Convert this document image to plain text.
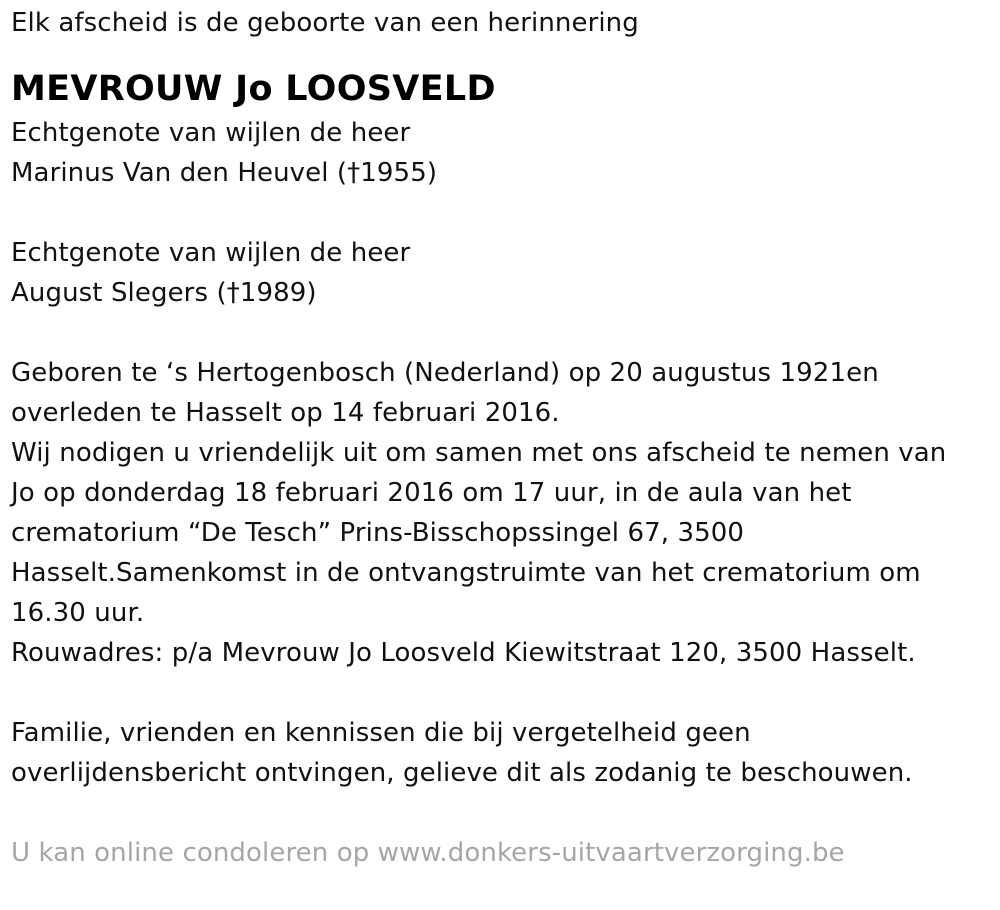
Elk afscheid is de geboorte van een herinnering
MEVROUW Jo LOOSVELD
Echtgenote van wijlen de heer
Marinus Van den Heuvel (†1955)
Echtgenote van wijlen de heer
August Slegers (†1989)
Geboren te ‘s Hertogenbosch (Nederland) op 20 augustus 1921en
overleden te Hasselt op 14 februari 2016.
Wij nodigen u vriendelijk uit om samen met ons afscheid te nemen van
Jo op donderdag 18 februari 2016 om 17 uur, in de aula van het
crematorium “De Tesch” Prins-Bisschopssingel 67, 3500
Hasselt.Samenkomst in de ontvangstruimte van het crematorium om
16.30 uur.
Rouwadres: p/a Mevrouw Jo Loosveld Kiewitstraat 120, 3500 Hasselt.
Familie, vrienden en kennissen die bij vergetelheid geen
overlijdensbericht ontvingen, gelieve dit als zodanig te beschouwen.
U kan online condoleren op www.donkers-uitvaartverzorging.be
